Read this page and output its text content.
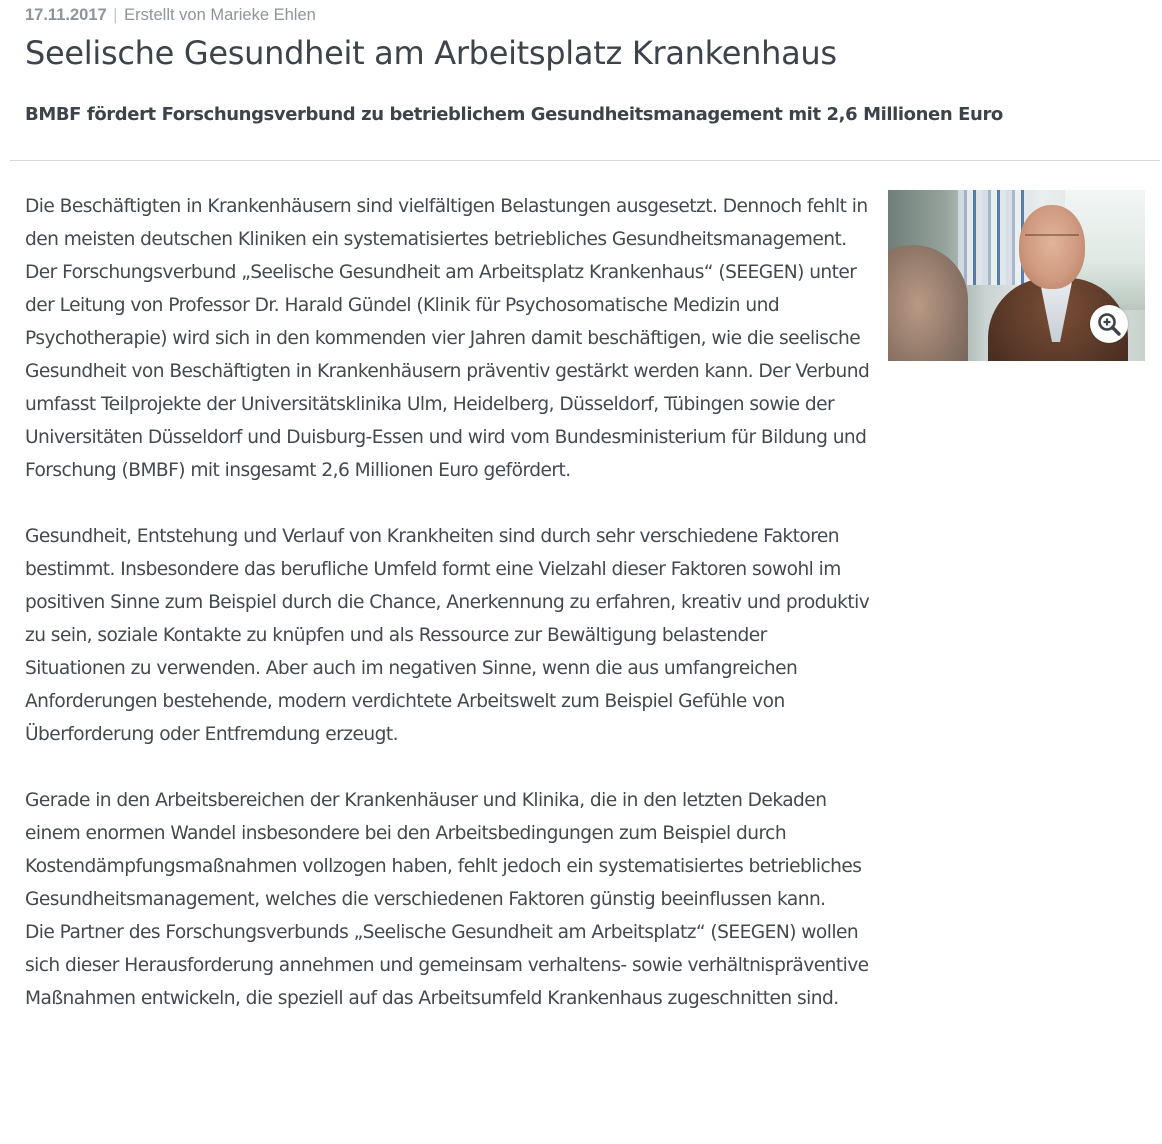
17.11.2017 | Erstellt von Marieke Ehlen
Seelische Gesundheit am Arbeitsplatz Krankenhaus
BMBF fördert Forschungsverbund zu betrieblichem Gesundheitsmanagement mit 2,6 Millionen Euro

Die Beschäftigten in Krankenhäusern sind vielfältigen Belastungen ausgesetzt. Dennoch fehlt in den meisten deutschen Kliniken ein systematisiertes betriebliches Gesundheitsmanagement. Der Forschungsverbund „Seelische Gesundheit am Arbeitsplatz Krankenhaus“ (SEEGEN) unter der Leitung von Professor Dr. Harald Gündel (Klinik für Psychosomatische Medizin und Psychotherapie) wird sich in den kommenden vier Jahren damit beschäftigen, wie die seelische Gesundheit von Beschäftigten in Krankenhäusern präventiv gestärkt werden kann. Der Verbund umfasst Teilprojekte der Universitätsklinika Ulm, Heidelberg, Düsseldorf, Tübingen sowie der Universitäten Düsseldorf und Duisburg-Essen und wird vom Bundesministerium für Bildung und Forschung (BMBF) mit insgesamt 2,6 Millionen Euro gefördert.

Gesundheit, Entstehung und Verlauf von Krankheiten sind durch sehr verschiedene Faktoren bestimmt. Insbesondere das berufliche Umfeld formt eine Vielzahl dieser Faktoren sowohl im positiven Sinne zum Beispiel durch die Chance, Anerkennung zu erfahren, kreativ und produktiv zu sein, soziale Kontakte zu knüpfen und als Ressource zur Bewältigung belastender Situationen zu verwenden. Aber auch im negativen Sinne, wenn die aus umfangreichen Anforderungen bestehende, modern verdichtete Arbeitswelt zum Beispiel Gefühle von Überforderung oder Entfremdung erzeugt.

Gerade in den Arbeitsbereichen der Krankenhäuser und Klinika, die in den letzten Dekaden einem enormen Wandel insbesondere bei den Arbeitsbedingungen zum Beispiel durch Kostendämpfungsmaßnahmen vollzogen haben, fehlt jedoch ein systematisiertes betriebliches Gesundheitsmanagement, welches die verschiedenen Faktoren günstig beeinflussen kann.

Die Partner des Forschungsverbunds „Seelische Gesundheit am Arbeitsplatz“ (SEEGEN) wollen sich dieser Herausforderung annehmen und gemeinsam verhaltens- sowie verhältnispräventive Maßnahmen entwickeln, die speziell auf das Arbeitsumfeld Krankenhaus zugeschnitten sind.
